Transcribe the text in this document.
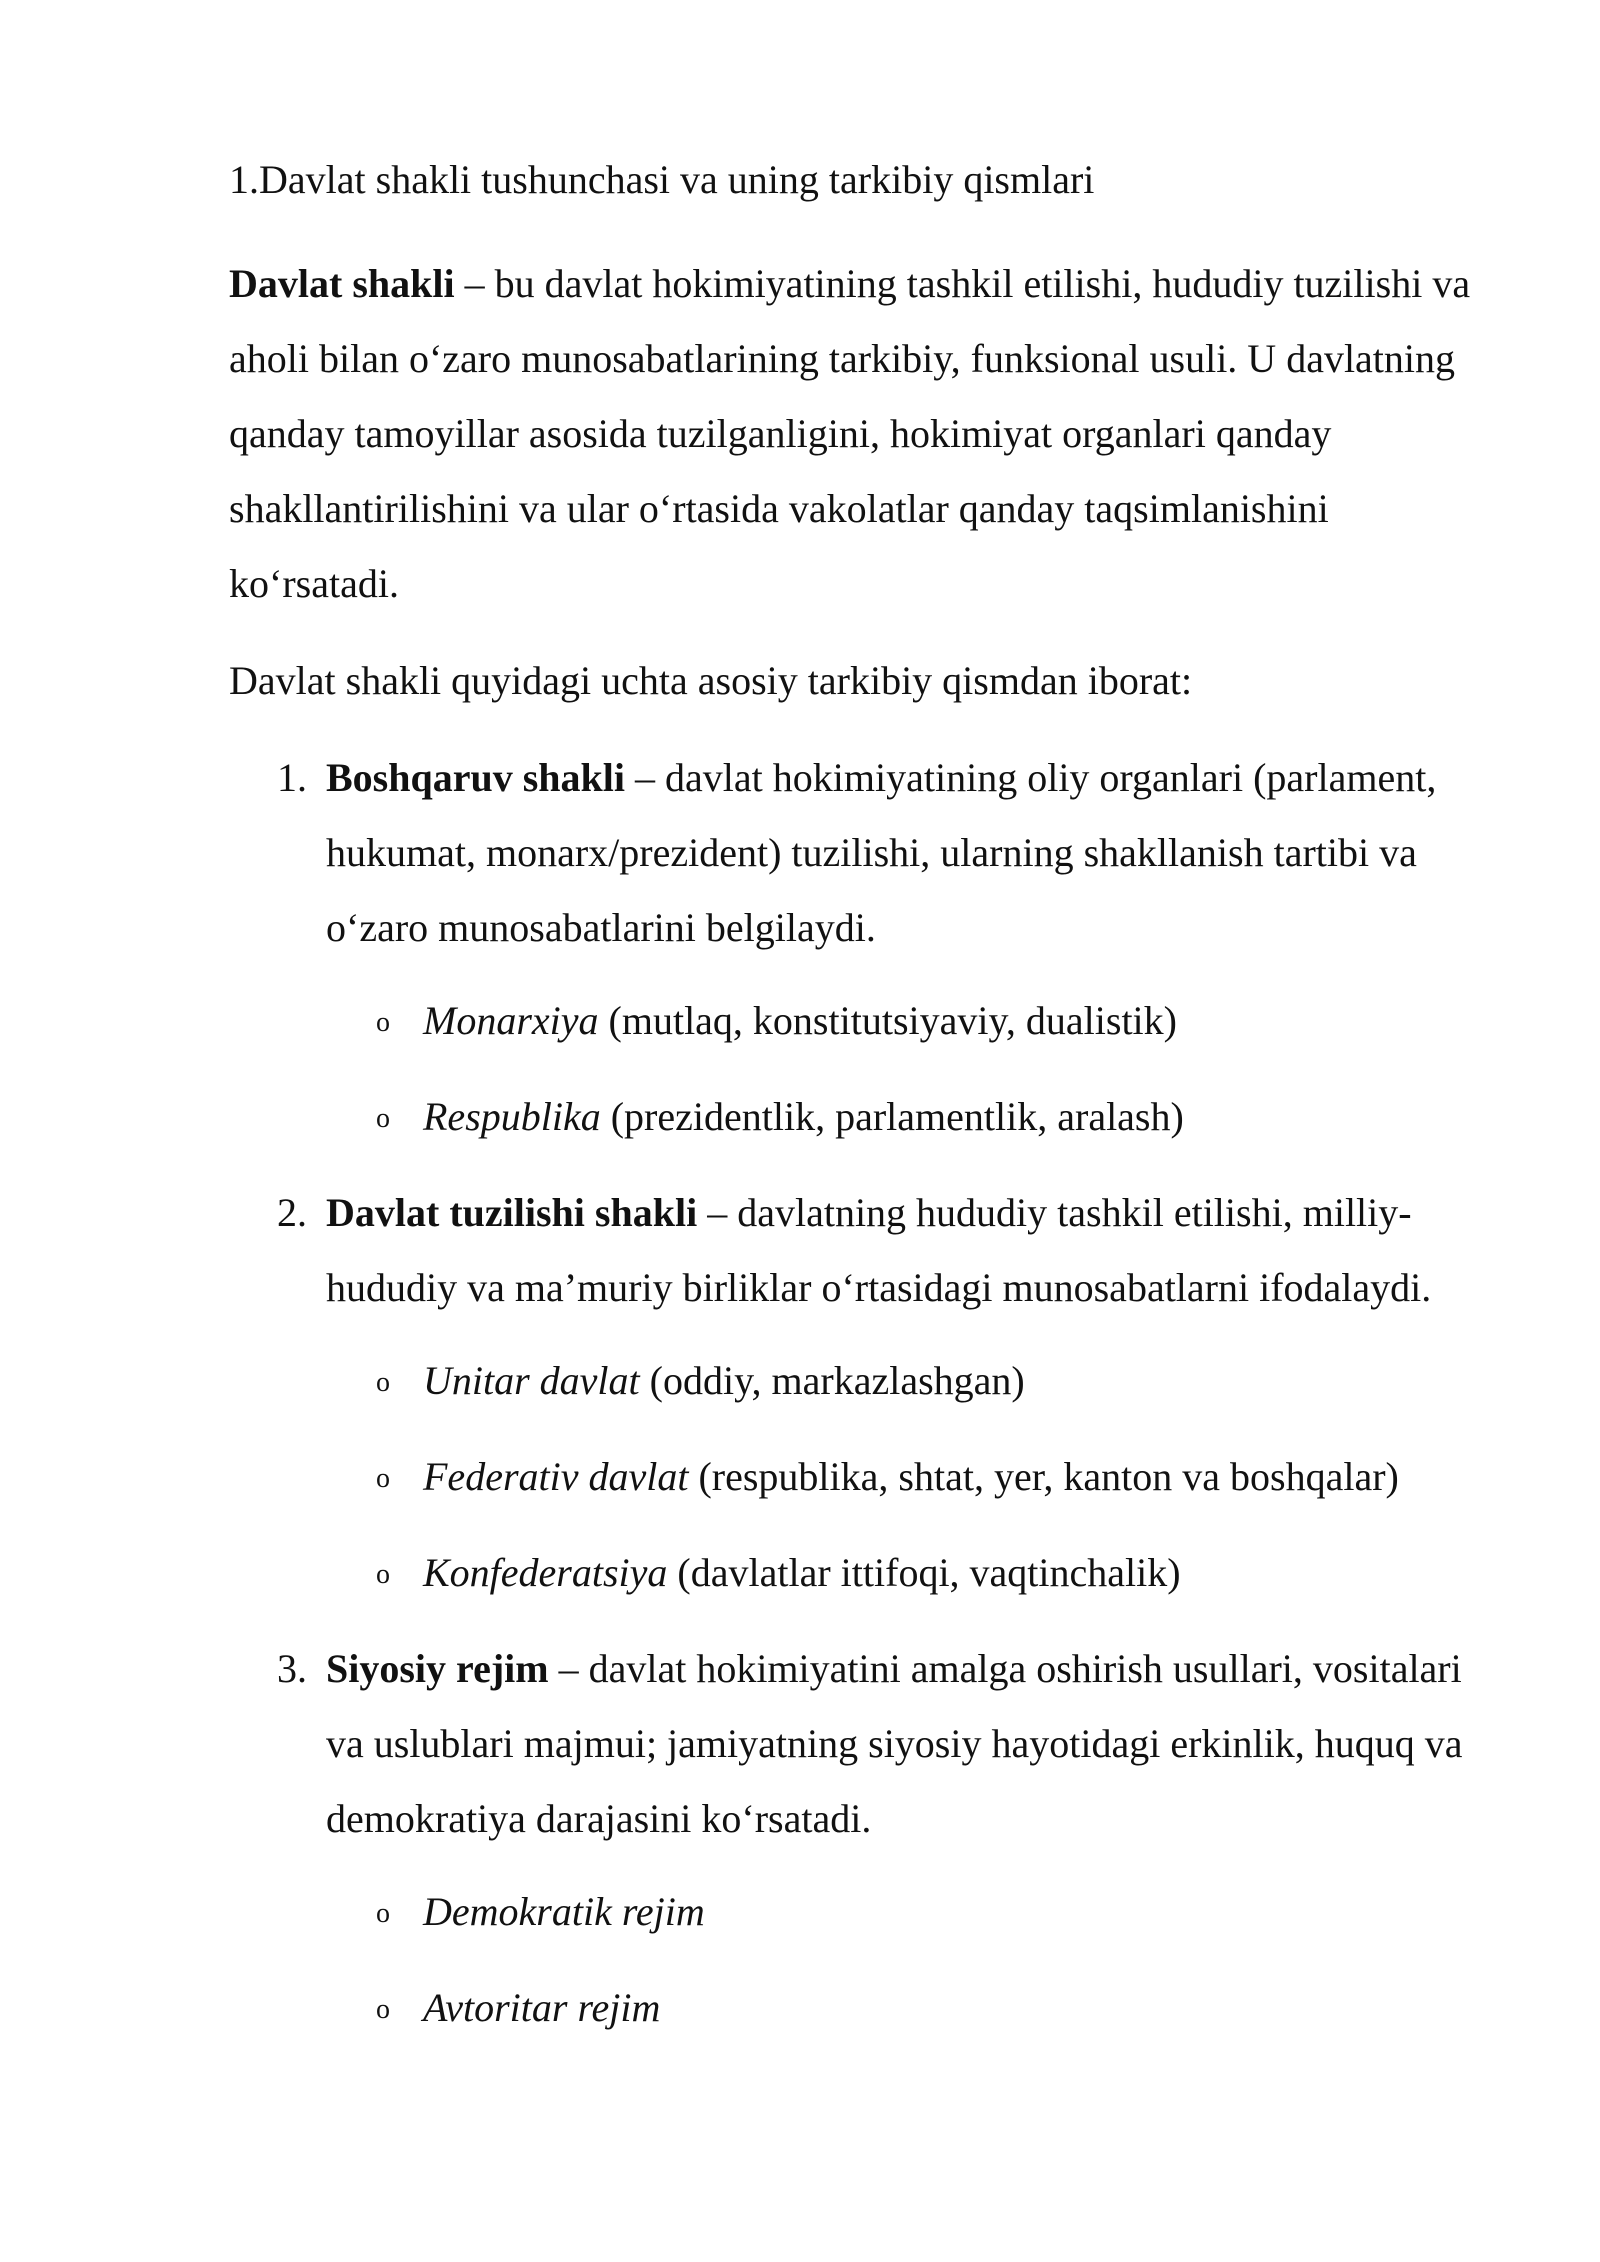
1.Davlat shakli tushunchasi va uning tarkibiy qismlari

Davlat shakli – bu davlat hokimiyatining tashkil etilishi, hududiy tuzilishi va aholi bilan o‘zaro munosabatlarining tarkibiy, funksional usuli. U davlatning qanday tamoyillar asosida tuzilganligini, hokimiyat organlari qanday shakllantirilishini va ular o‘rtasida vakolatlar qanday taqsimlanishini ko‘rsatadi.

Davlat shakli quyidagi uchta asosiy tarkibiy qismdan iborat:

1. Boshqaruv shakli – davlat hokimiyatining oliy organlari (parlament, hukumat, monarx/prezident) tuzilishi, ularning shakllanish tartibi va o‘zaro munosabatlarini belgilaydi.

o Monarxiya (mutlaq, konstitutsiyaviy, dualistik)
o Respublika (prezidentlik, parlamentlik, aralash)
2. Davlat tuzilishi shakli – davlatning hududiy tashkil etilishi, milliy-hududiy va ma’muriy birliklar o‘rtasidagi munosabatlarni ifodalaydi.

o Unitar davlat (oddiy, markazlashgan)
o Federativ davlat (respublika, shtat, yer, kanton va boshqalar)
o Konfederatsiya (davlatlar ittifoqi, vaqtinchalik)
3. Siyosiy rejim – davlat hokimiyatini amalga oshirish usullari, vositalari va uslublari majmui; jamiyatning siyosiy hayotidagi erkinlik, huquq va demokratiya darajasini ko‘rsatadi.

o Demokratik rejim
o Avtoritar rejim
